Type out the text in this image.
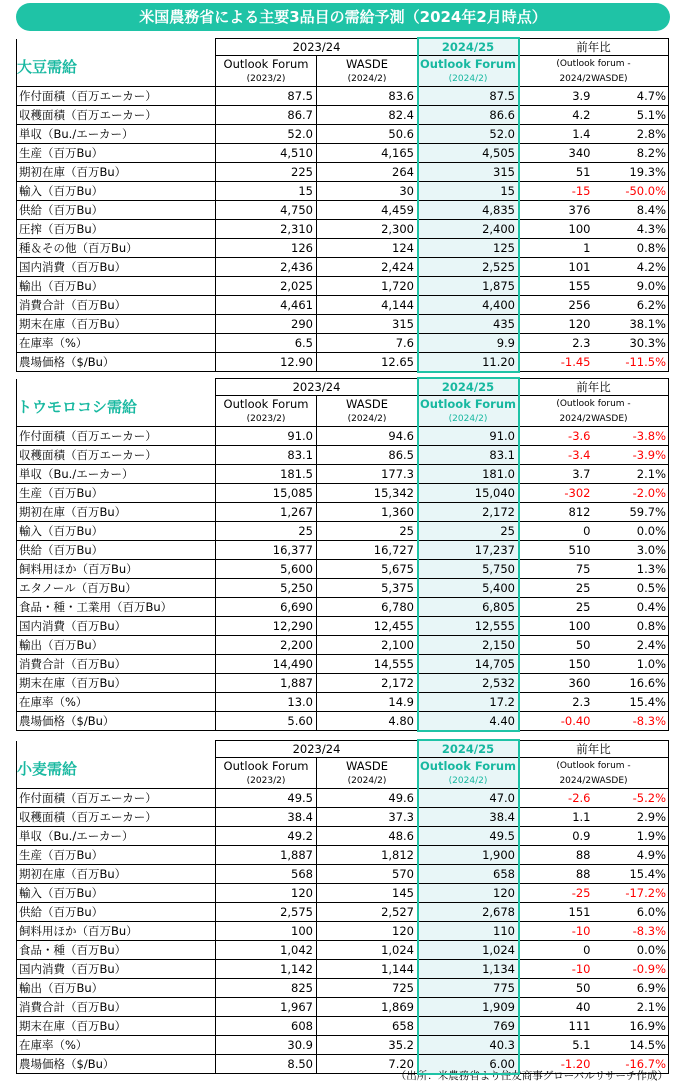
米国農務省による主要3品目の需給予測（2024年2月時点）
	2023/24		2024/25	前年比	
大豆需給	Outlook Forum	WASDE	Outlook Forum	(Outlook forum -	
	(2023/2)	(2024/2)	(2024/2)	2024/2WASDE)	
作付面積（百万エーカー）	87.5	83.6	87.5	3.9	4.7%
収穫面積（百万エーカー）	86.7	82.4	86.6	4.2	5.1%
単収（Bu./エーカー）	52.0	50.6	52.0	1.4	2.8%
生産（百万Bu）	4,510	4,165	4,505	340	8.2%
期初在庫（百万Bu）	225	264	315	51	19.3%
輸入（百万Bu）	15	30	15	-15	-50.0%
供給（百万Bu）	4,750	4,459	4,835	376	8.4%
圧搾（百万Bu）	2,310	2,300	2,400	100	4.3%
種＆その他（百万Bu）	126	124	125	1	0.8%
国内消費（百万Bu）	2,436	2,424	2,525	101	4.2%
輸出（百万Bu）	2,025	1,720	1,875	155	9.0%
消費合計（百万Bu）	4,461	4,144	4,400	256	6.2%
期末在庫（百万Bu）	290	315	435	120	38.1%
在庫率（%）	6.5	7.6	9.9	2.3	30.3%
農場価格（$/Bu）	12.90	12.65	11.20	-1.45	-11.5%
	2023/24		2024/25	前年比	
トウモロコシ需給	Outlook Forum	WASDE	Outlook Forum	(Outlook forum -	
	(2023/2)	(2024/2)	(2024/2)	2024/2WASDE)	
作付面積（百万エーカー）	91.0	94.6	91.0	-3.6	-3.8%
収穫面積（百万エーカー）	83.1	86.5	83.1	-3.4	-3.9%
単収（Bu./エーカー）	181.5	177.3	181.0	3.7	2.1%
生産（百万Bu）	15,085	15,342	15,040	-302	-2.0%
期初在庫（百万Bu）	1,267	1,360	2,172	812	59.7%
輸入（百万Bu）	25	25	25	0	0.0%
供給（百万Bu）	16,377	16,727	17,237	510	3.0%
飼料用ほか（百万Bu）	5,600	5,675	5,750	75	1.3%
エタノール（百万Bu）	5,250	5,375	5,400	25	0.5%
食品・種・工業用（百万Bu）	6,690	6,780	6,805	25	0.4%
国内消費（百万Bu）	12,290	12,455	12,555	100	0.8%
輸出（百万Bu）	2,200	2,100	2,150	50	2.4%
消費合計（百万Bu）	14,490	14,555	14,705	150	1.0%
期末在庫（百万Bu）	1,887	2,172	2,532	360	16.6%
在庫率（%）	13.0	14.9	17.2	2.3	15.4%
農場価格（$/Bu）	5.60	4.80	4.40	-0.40	-8.3%
	2023/24		2024/25	前年比	
小麦需給	Outlook Forum	WASDE	Outlook Forum	(Outlook forum -	
	(2023/2)	(2024/2)	(2024/2)	2024/2WASDE)	
作付面積（百万エーカー）	49.5	49.6	47.0	-2.6	-5.2%
収穫面積（百万エーカー）	38.4	37.3	38.4	1.1	2.9%
単収（Bu./エーカー）	49.2	48.6	49.5	0.9	1.9%
生産（百万Bu）	1,887	1,812	1,900	88	4.9%
期初在庫（百万Bu）	568	570	658	88	15.4%
輸入（百万Bu）	120	145	120	-25	-17.2%
供給（百万Bu）	2,575	2,527	2,678	151	6.0%
飼料用ほか（百万Bu）	100	120	110	-10	-8.3%
食品・種（百万Bu）	1,042	1,024	1,024	0	0.0%
国内消費（百万Bu）	1,142	1,144	1,134	-10	-0.9%
輸出（百万Bu）	825	725	775	50	6.9%
消費合計（百万Bu）	1,967	1,869	1,909	40	2.1%
期末在庫（百万Bu）	608	658	769	111	16.9%
在庫率（%）	30.9	35.2	40.3	5.1	14.5%
農場価格（$/Bu）	8.50	7.20	6.00	-1.20	-16.7%
（出所：米農務省より住友商事グローバルリサーチ作成）
